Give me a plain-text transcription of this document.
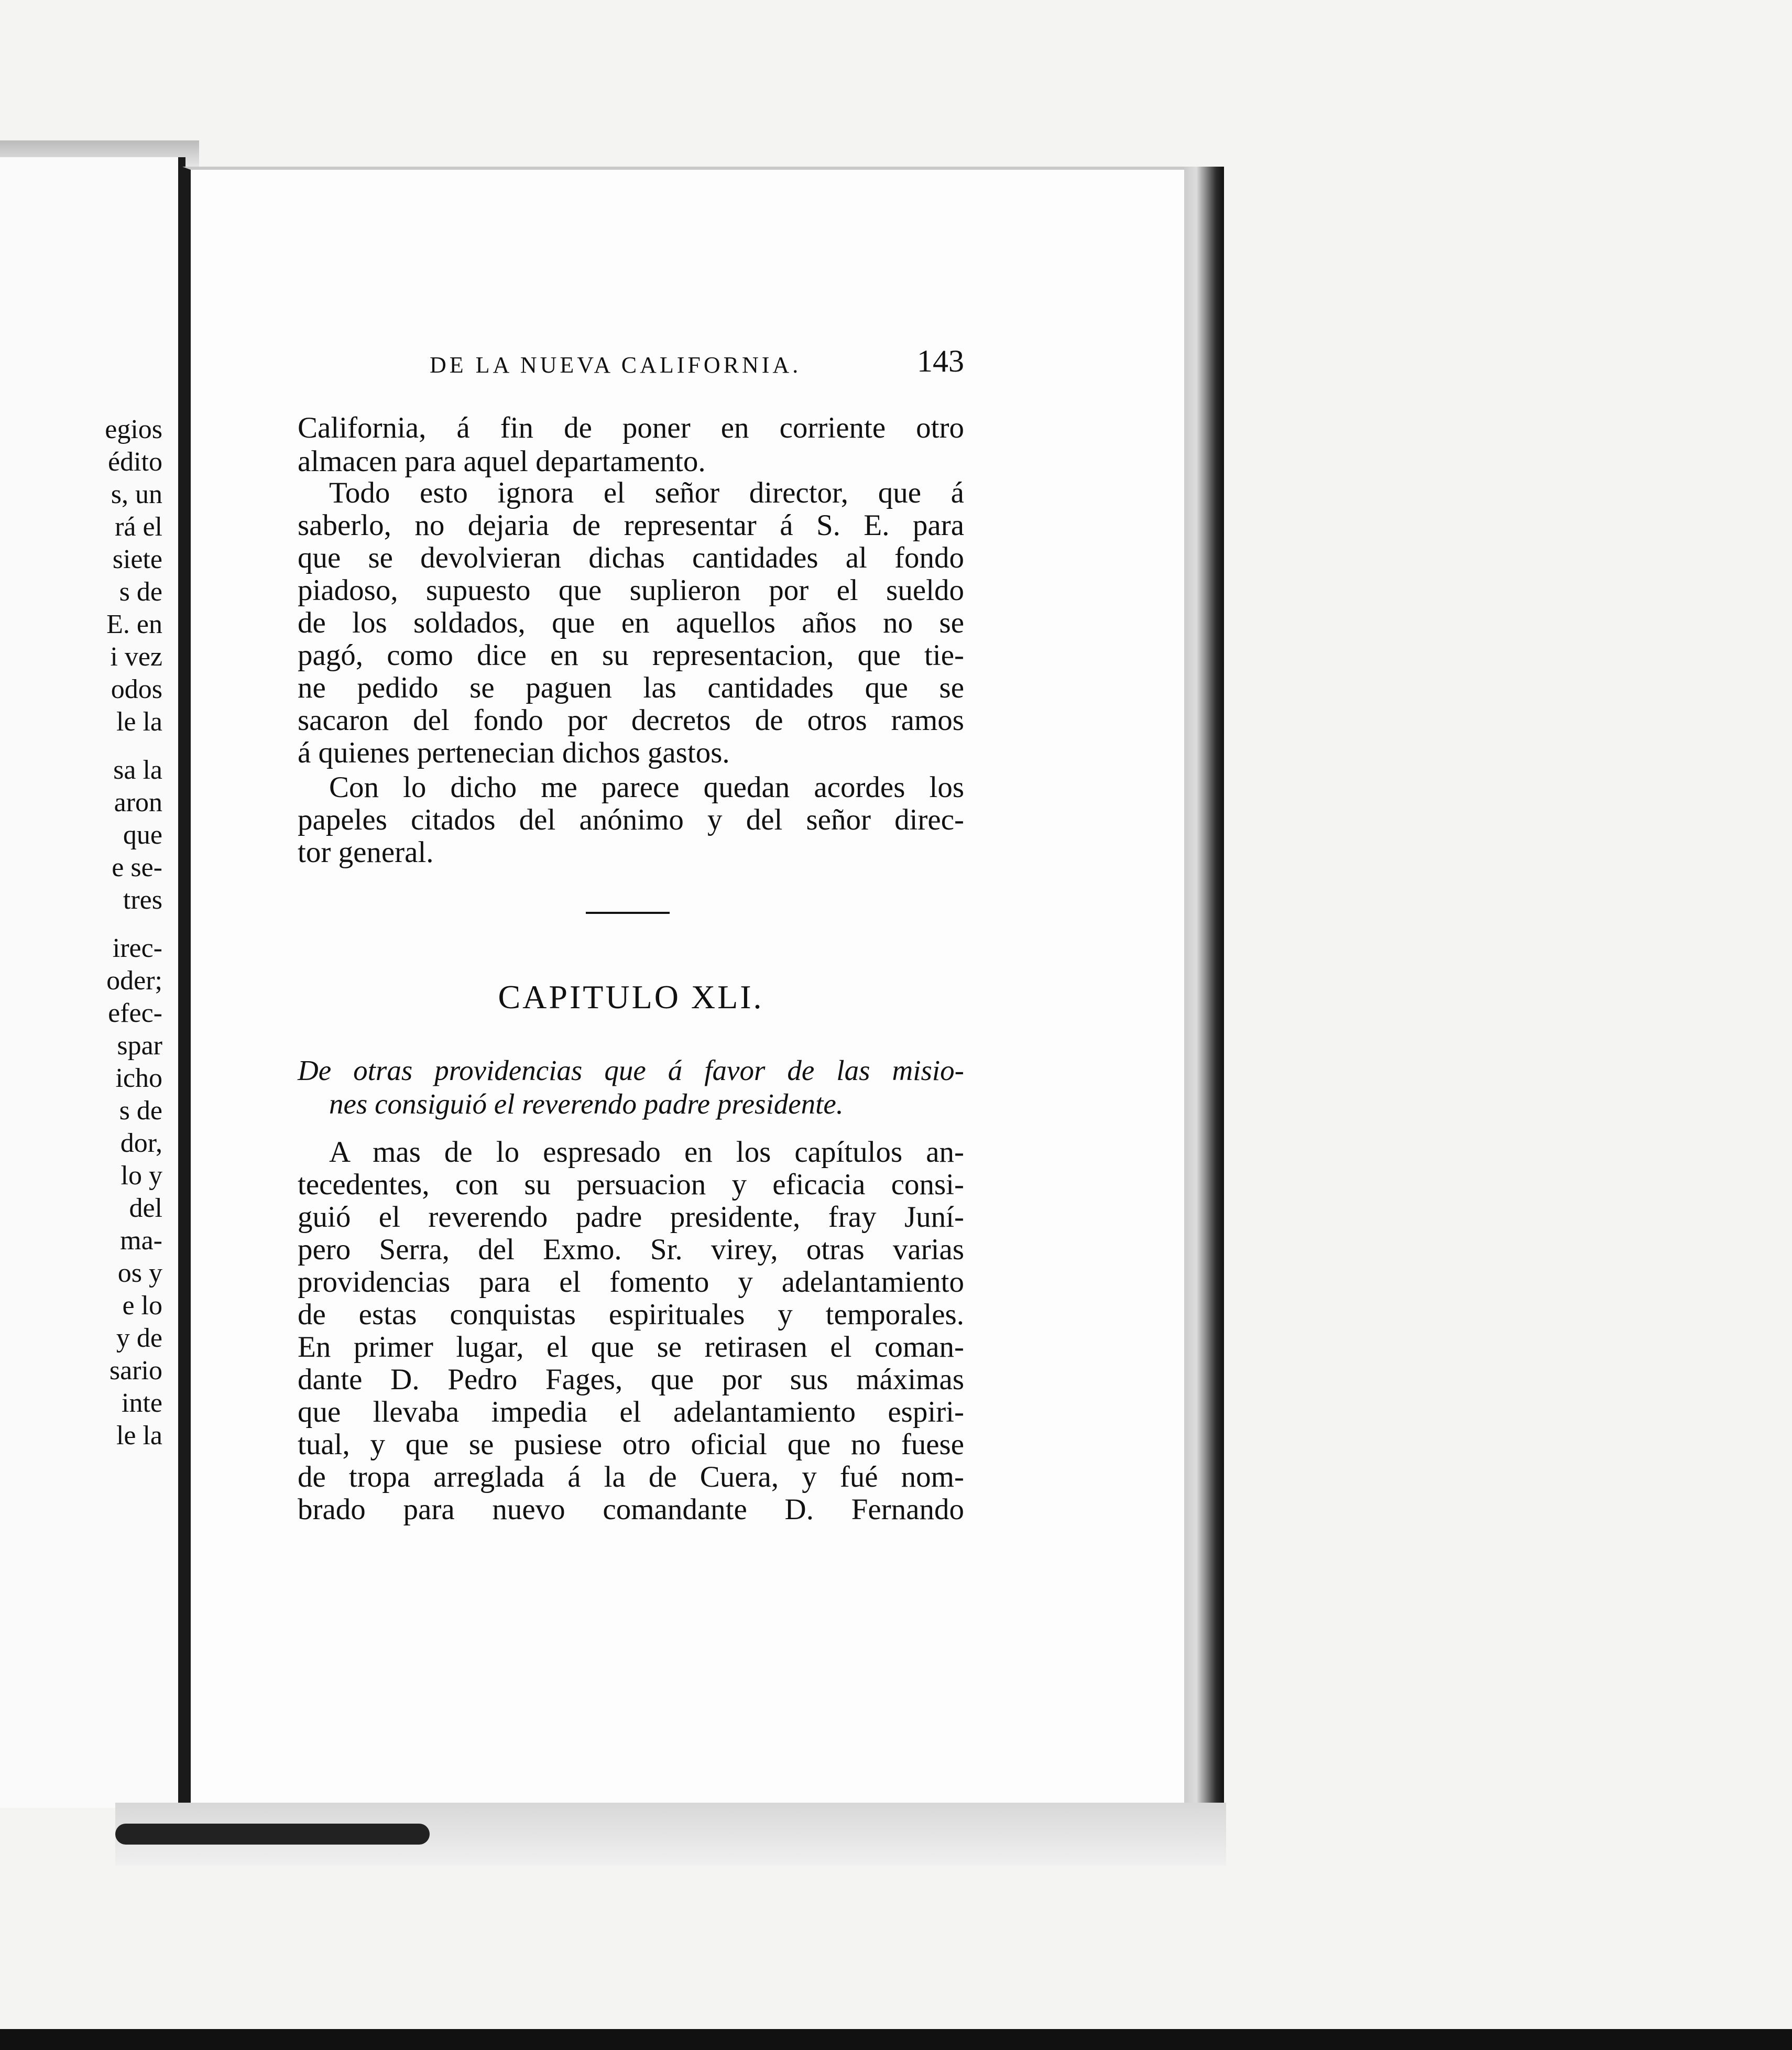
egios
édito
s, un
rá el
siete
s de
E. en
i vez
odos
le la
sa la
aron
que
e se-
tres
irec-
oder;
efec-
spar
icho
s de
dor,
lo y
del
ma-
os y
e lo
y de
sario
inte
le la
DE LA NUEVA CALIFORNIA.	143
California, á fin de poner en corriente otro
almacen para aquel departamento.
Todo esto ignora el señor director, que á
saberlo, no dejaria de representar á S. E. para
que se devolvieran dichas cantidades al fondo
piadoso, supuesto que suplieron por el sueldo
de los soldados, que en aquellos años no se
pagó, como dice en su representacion, que tie-
ne pedido se paguen las cantidades que se
sacaron del fondo por decretos de otros ramos
á quienes pertenecian dichos gastos.
Con lo dicho me parece quedan acordes los
papeles citados del anónimo y del señor direc-
tor general.
CAPITULO XLI.
De otras providencias que á favor de las misio-
nes consiguió el reverendo padre presidente.
A mas de lo espresado en los capítulos an-
tecedentes, con su persuacion y eficacia consi-
guió el reverendo padre presidente, fray Juní-
pero Serra, del Exmo. Sr. virey, otras varias
providencias para el fomento y adelantamiento
de estas conquistas espirituales y temporales.
En primer lugar, el que se retirasen el coman-
dante D. Pedro Fages, que por sus máximas
que llevaba impedia el adelantamiento espiri-
tual, y que se pusiese otro oficial que no fuese
de tropa arreglada á la de Cuera, y fué nom-
brado para nuevo comandante D. Fernando
